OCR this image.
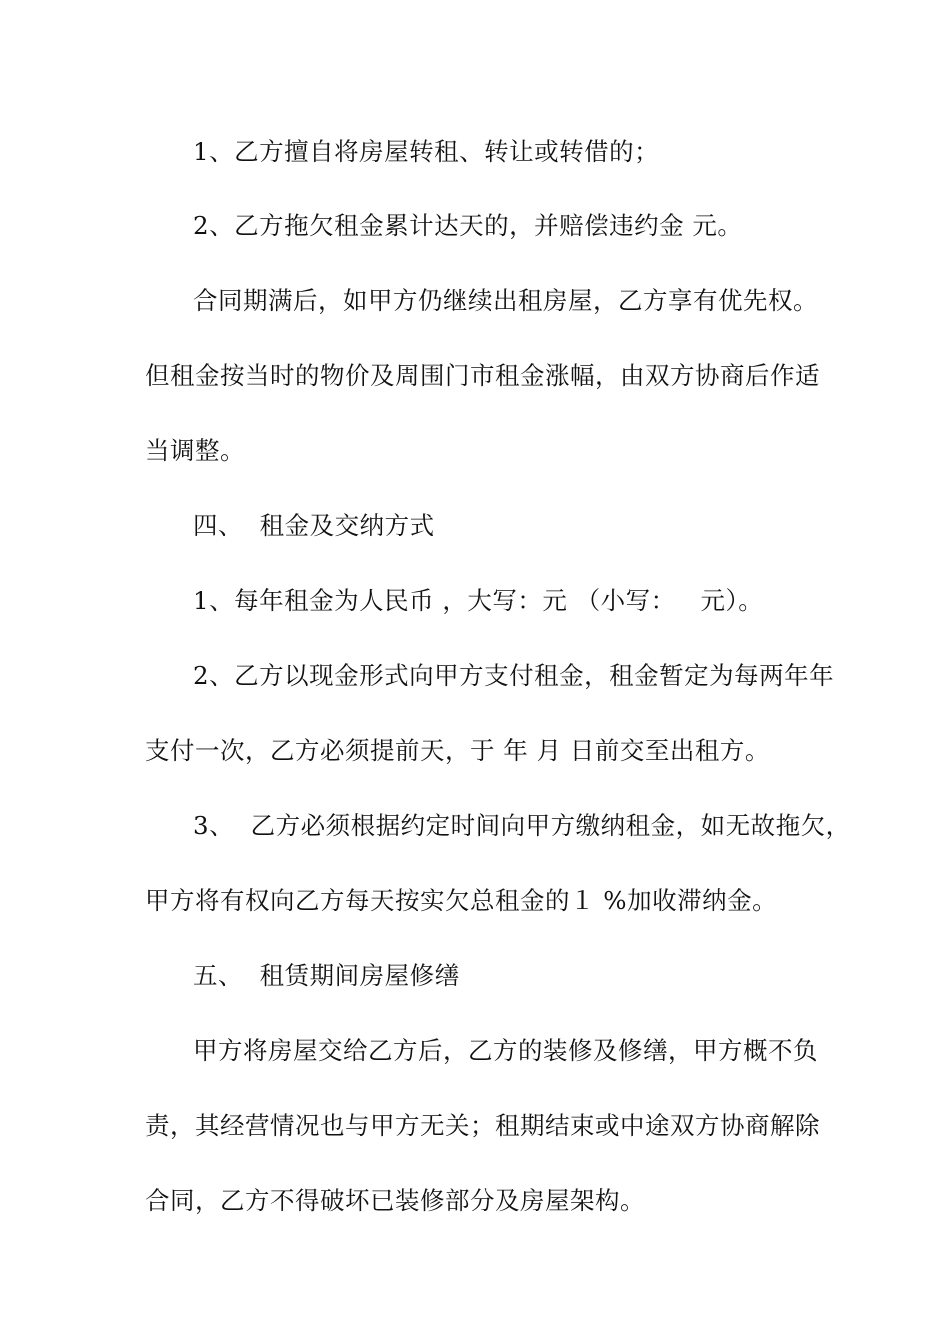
1、乙方擅自将房屋转租、转让或转借的；
2、乙方拖欠租金累计达天的，并赔偿违约金 元。
合同期满后，如甲方仍继续出租房屋，乙方享有优先权。
但租金按当时的物价及周围门市租金涨幅，由双方协商后作适
当调整。
四、  租金及交纳方式
1、每年租金为人民币 ，大写：元 （小写：   元）。
2、乙方以现金形式向甲方支付租金，租金暂定为每两年年
支付一次，乙方必须提前天，于 年 月 日前交至出租方。
3、  乙方必须根据约定时间向甲方缴纳租金，如无故拖欠，
甲方将有权向乙方每天按实欠总租金的１ %加收滞纳金。
五、  租赁期间房屋修缮
甲方将房屋交给乙方后，乙方的装修及修缮，甲方概不负
责，其经营情况也与甲方无关；租期结束或中途双方协商解除
合同，乙方不得破坏已装修部分及房屋架构。
